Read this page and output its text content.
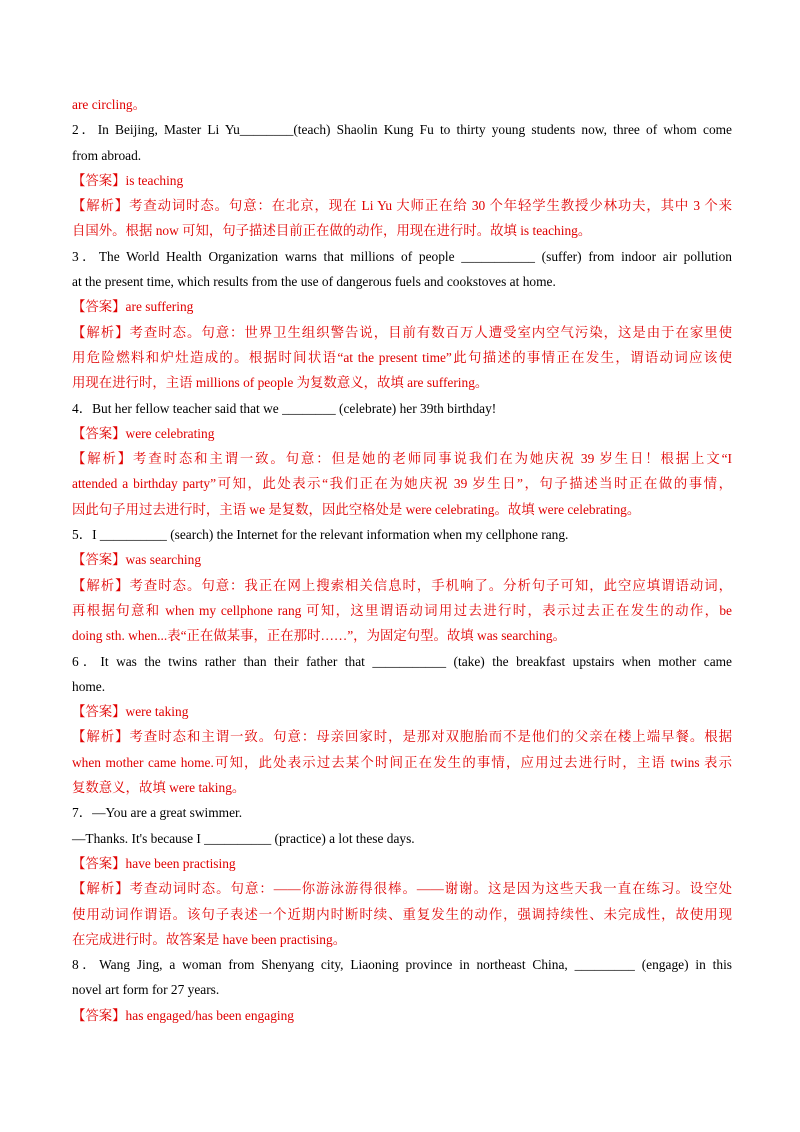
are circling。
2．In Beijing, Master Li Yu________(teach) Shaolin Kung Fu to thirty young students now, three of whom come
from abroad.
【答案】is teaching
【解析】考查动词时态。句意：在北京，现在 Li Yu 大师正在给 30 个年轻学生教授少林功夫，其中 3 个来
自国外。根据 now 可知，句子描述目前正在做的动作，用现在进行时。故填 is teaching。
3．The World Health Organization warns that millions of people ___________ (suffer) from indoor air pollution
at the present time, which results from the use of dangerous fuels and cookstoves at home.
【答案】are suffering
【解析】考查时态。句意：世界卫生组织警告说，目前有数百万人遭受室内空气污染，这是由于在家里使
用危险燃料和炉灶造成的。根据时间状语“at the present time”此句描述的事情正在发生，谓语动词应该使
用现在进行时，主语 millions of people 为复数意义，故填 are suffering。
4．But her fellow teacher said that we ________ (celebrate) her 39th birthday!
【答案】were celebrating
【解析】考查时态和主谓一致。句意：但是她的老师同事说我们在为她庆祝 39 岁生日！根据上文“I
attended a birthday party”可知，此处表示“我们正在为她庆祝 39 岁生日”，句子描述当时正在做的事情，
因此句子用过去进行时，主语 we 是复数，因此空格处是 were celebrating。故填 were celebrating。
5．I __________ (search) the Internet for the relevant information when my cellphone rang.
【答案】was searching
【解析】考查时态。句意：我正在网上搜索相关信息时，手机响了。分析句子可知，此空应填谓语动词，
再根据句意和 when my cellphone rang 可知，这里谓语动词用过去进行时，表示过去正在发生的动作，be
doing sth. when...表“正在做某事，正在那时……”，为固定句型。故填 was searching。
6．It was the twins rather than their father that ___________ (take) the breakfast upstairs when mother came
home.
【答案】were taking
【解析】考查时态和主谓一致。句意：母亲回家时，是那对双胞胎而不是他们的父亲在楼上端早餐。根据
when mother came home.可知，此处表示过去某个时间正在发生的事情，应用过去进行时，主语 twins 表示
复数意义，故填 were taking。
7．—You are a great swimmer.
—Thanks. It's because I __________ (practice) a lot these days.
【答案】have been practising
【解析】考查动词时态。句意：——你游泳游得很棒。——谢谢。这是因为这些天我一直在练习。设空处
使用动词作谓语。该句子表述一个近期内时断时续、重复发生的动作，强调持续性、未完成性，故使用现
在完成进行时。故答案是 have been practising。
8．Wang Jing, a woman from Shenyang city, Liaoning province in northeast China, _________ (engage) in this
novel art form for 27 years.
【答案】has engaged/has been engaging
